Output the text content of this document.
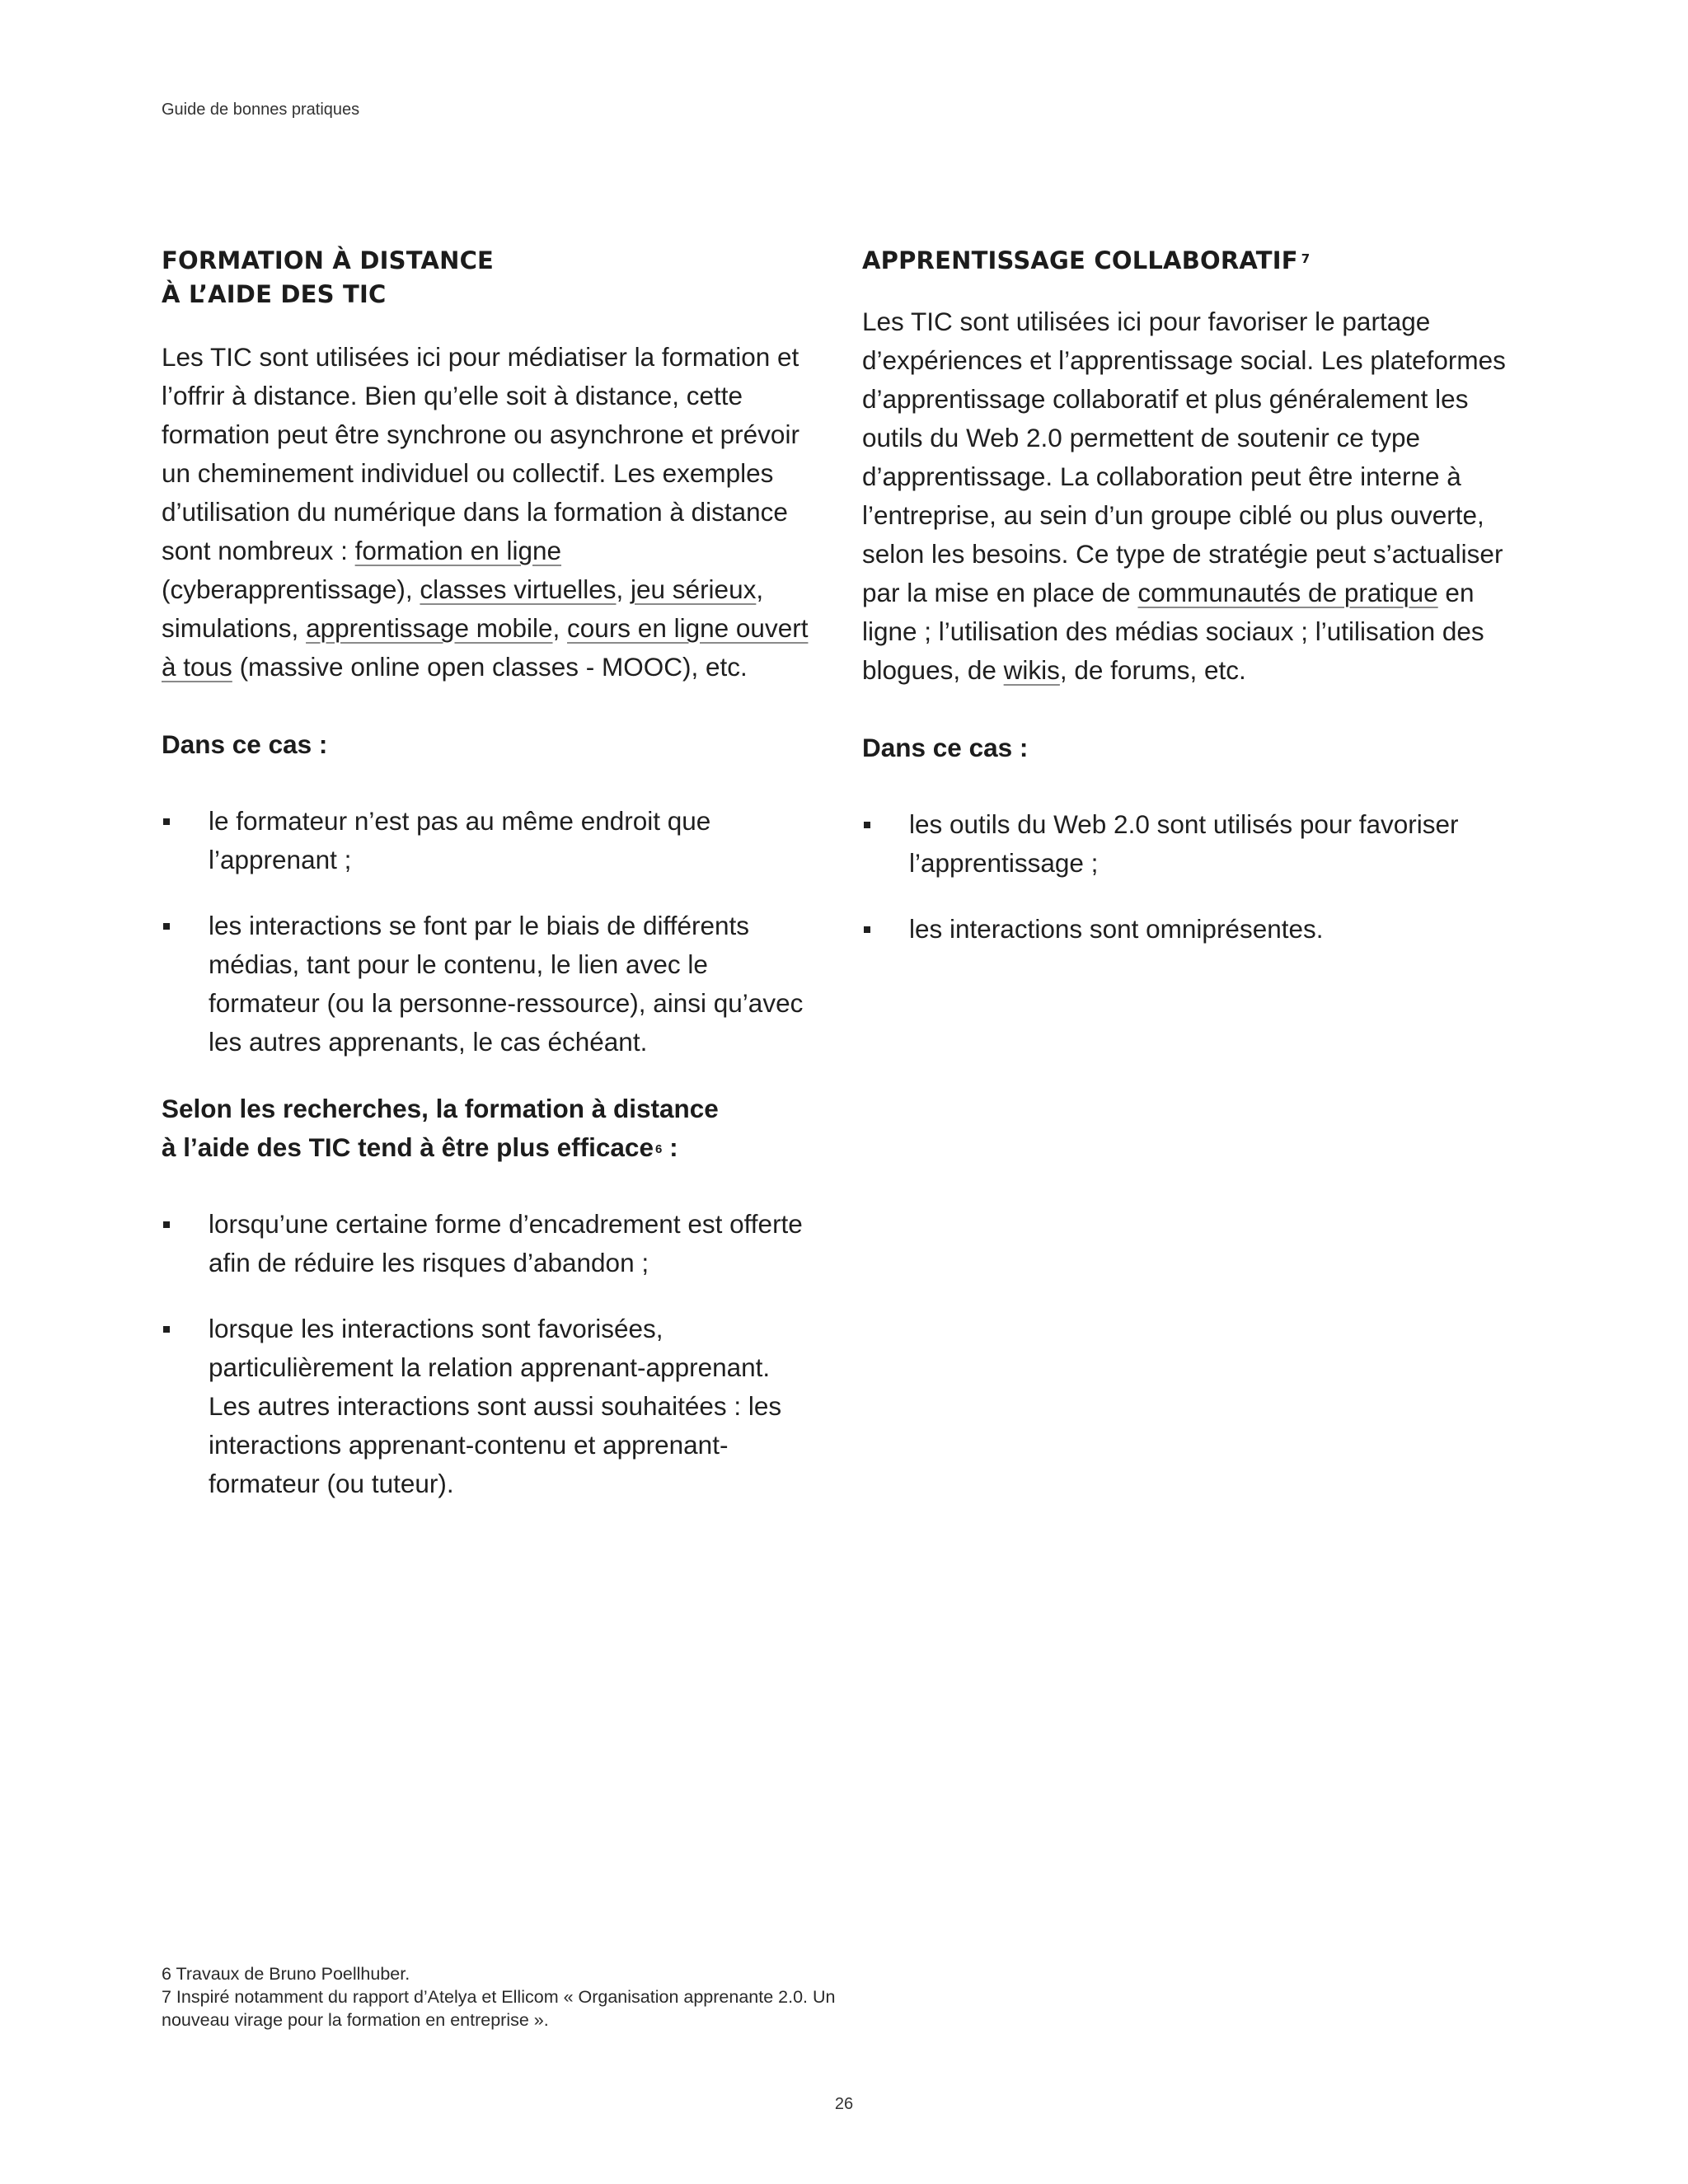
Guide de bonnes pratiques
FORMATION À DISTANCE
À L’AIDE DES TIC

Les TIC sont utilisées ici pour médiatiser la formation et l’offrir à distance. Bien qu’elle soit à distance, cette formation peut être synchrone ou asynchrone et prévoir un cheminement individuel ou collectif. Les exemples d’utilisation du numérique dans la formation à distance sont nombreux : formation en ligne (cyberapprentissage), classes virtuelles, jeu sérieux, simulations, apprentissage mobile, cours en ligne ouvert à tous (massive online open classes - MOOC), etc.

Dans ce cas :

le formateur n’est pas au même endroit que l’apprenant ;
les interactions se font par le biais de différents médias, tant pour le contenu, le lien avec le formateur (ou la personne-ressource), ainsi qu’avec les autres apprenants, le cas échéant.

Selon les recherches, la formation à distance
à l’aide des TIC tend à être plus efficace $^6$ :

lorsqu’une certaine forme d’encadrement est offerte afin de réduire les risques d’abandon ;
lorsque les interactions sont favorisées, particulièrement la relation apprenant-apprenant. Les autres interactions sont aussi souhaitées : les interactions apprenant-contenu et apprenant-formateur (ou tuteur).
APPRENTISSAGE COLLABORATIF $^7$

Les TIC sont utilisées ici pour favoriser le partage d’expériences et l’apprentissage social. Les plateformes d’apprentissage collaboratif et plus généralement les outils du Web 2.0 permettent de soutenir ce type d’apprentissage. La collaboration peut être interne à l’entreprise, au sein d’un groupe ciblé ou plus ouverte, selon les besoins. Ce type de stratégie peut s’actualiser par la mise en place de communautés de pratique en ligne ; l’utilisation des médias sociaux ; l’utilisation des blogues, de wikis, de forums, etc.

Dans ce cas :

les outils du Web 2.0 sont utilisés pour favoriser l’apprentissage ;
les interactions sont omniprésentes.

6 Travaux de Bruno Poellhuber.

7 Inspiré notamment du rapport d’Atelya et Ellicom « Organisation apprenante 2.0. Un nouveau virage pour la formation en entreprise ».

26
